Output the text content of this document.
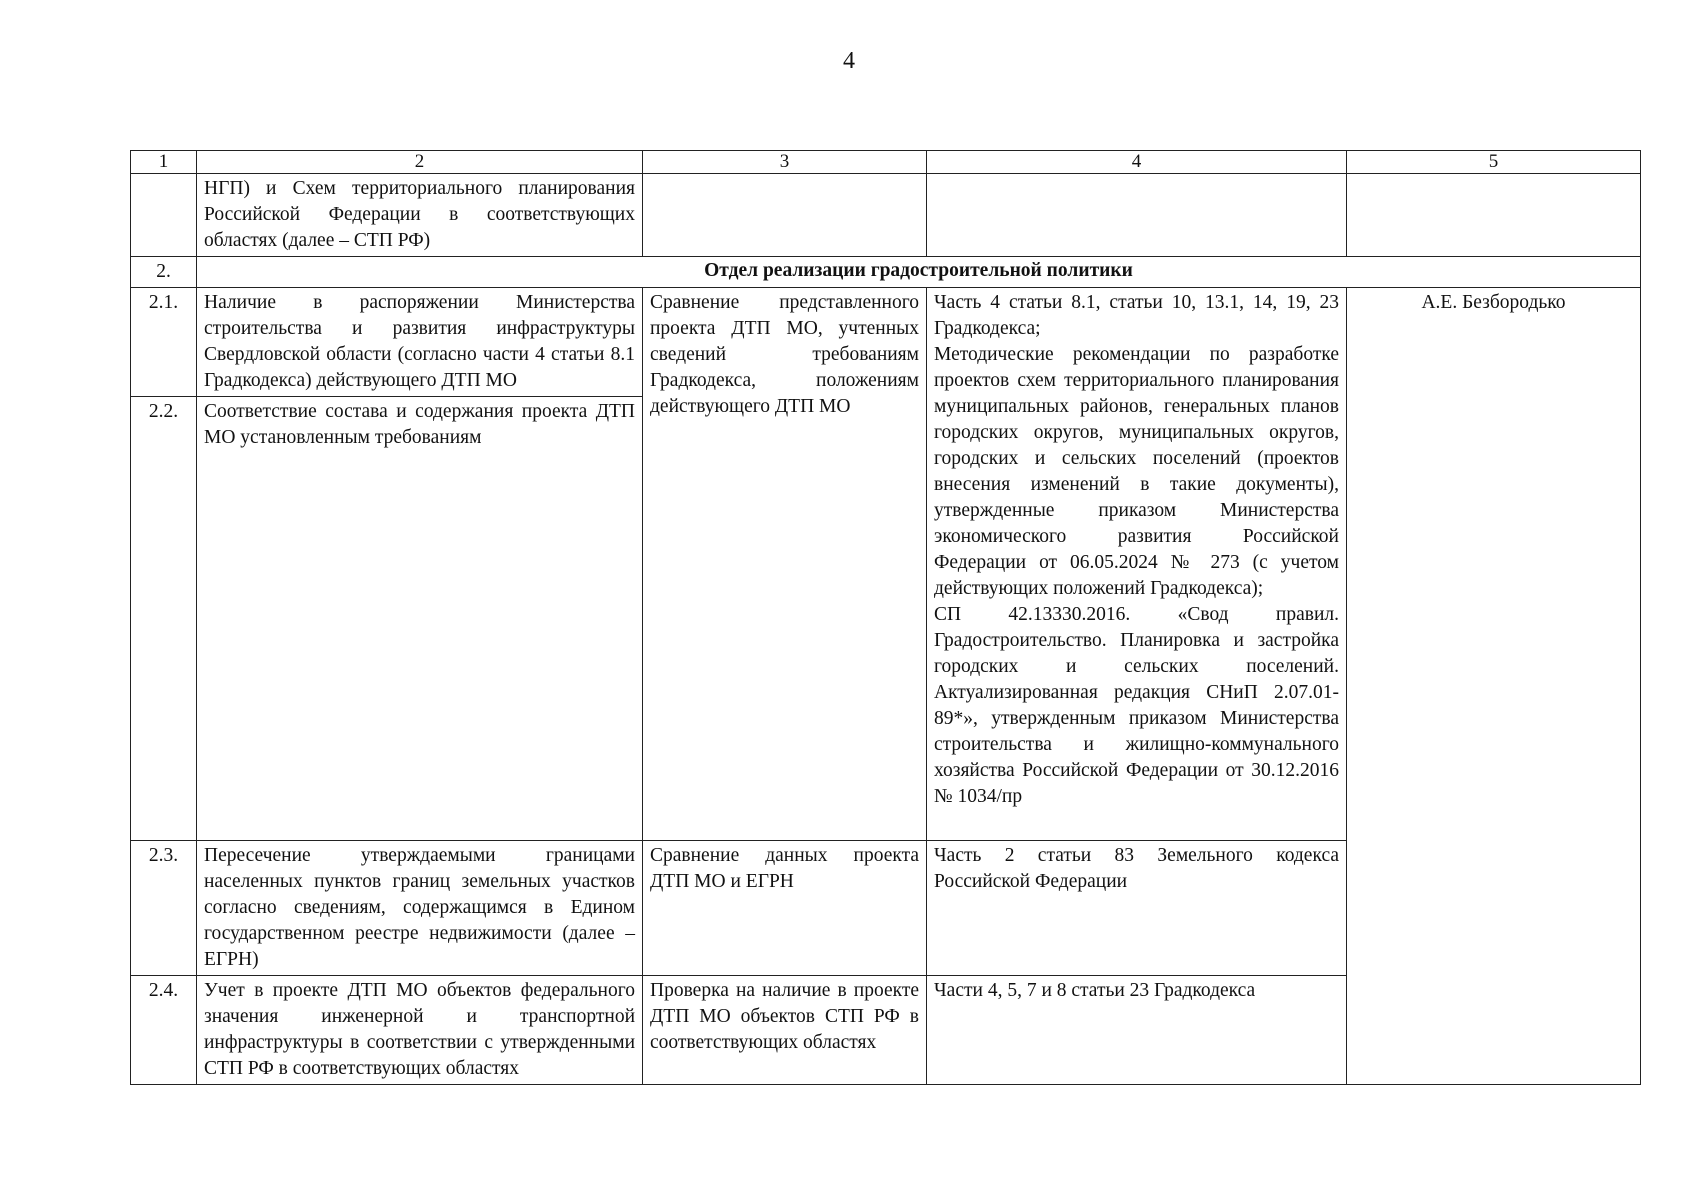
4
1	2	3	4	5
	НГП) и Схем территориального планирования Российской Федерации в соответствующих областях (далее – СТП РФ)			
2.	Отдел реализации градостроительной политики			
2.1.	Наличие в распоряжении Министерства строительства и развития инфраструктуры Свердловской области (согласно части 4 статьи 8.1 Градкодекса) действующего ДТП МО	Сравнение представленного проекта ДТП МО, учтенных сведений требованиям Градкодекса, положениям действующего ДТП МО	Часть 4 статьи 8.1, статьи 10, 13.1, 14, 19, 23 Градкодекса;
Методические рекомендации по разработке проектов схем территориального планирования муниципальных районов, генеральных планов городских округов, муниципальных округов, городских и сельских поселений (проектов внесения изменений в такие документы), утвержденные приказом Министерства экономического развития Российской Федерации от 06.05.2024 № 273 (с учетом действующих положений Градкодекса);
СП 42.13330.2016. «Свод правил. Градостроительство. Планировка и застройка городских и сельских поселений. Актуализированная редакция СНиП 2.07.01-89*», утвержденным приказом Министерства строительства и жилищно-коммунального хозяйства Российской Федерации от 30.12.2016 № 1034/пр	А.Е. Безбородько
2.2.	Соответствие состава и содержания проекта ДТП МО установленным требованиям			
2.3.	Пересечение утверждаемыми границами населенных пунктов границ земельных участков согласно сведениям, содержащимся в Едином государственном реестре недвижимости (далее – ЕГРН)	Сравнение данных проекта ДТП МО и ЕГРН	Часть 2 статьи 83 Земельного кодекса Российской Федерации	
2.4.	Учет в проекте ДТП МО объектов федерального значения инженерной и транспортной инфраструктуры в соответствии с утвержденными СТП РФ в соответствующих областях	Проверка на наличие в проекте ДТП МО объектов СТП РФ в соответствующих областях	Части 4, 5, 7 и 8 статьи 23 Градкодекса	
